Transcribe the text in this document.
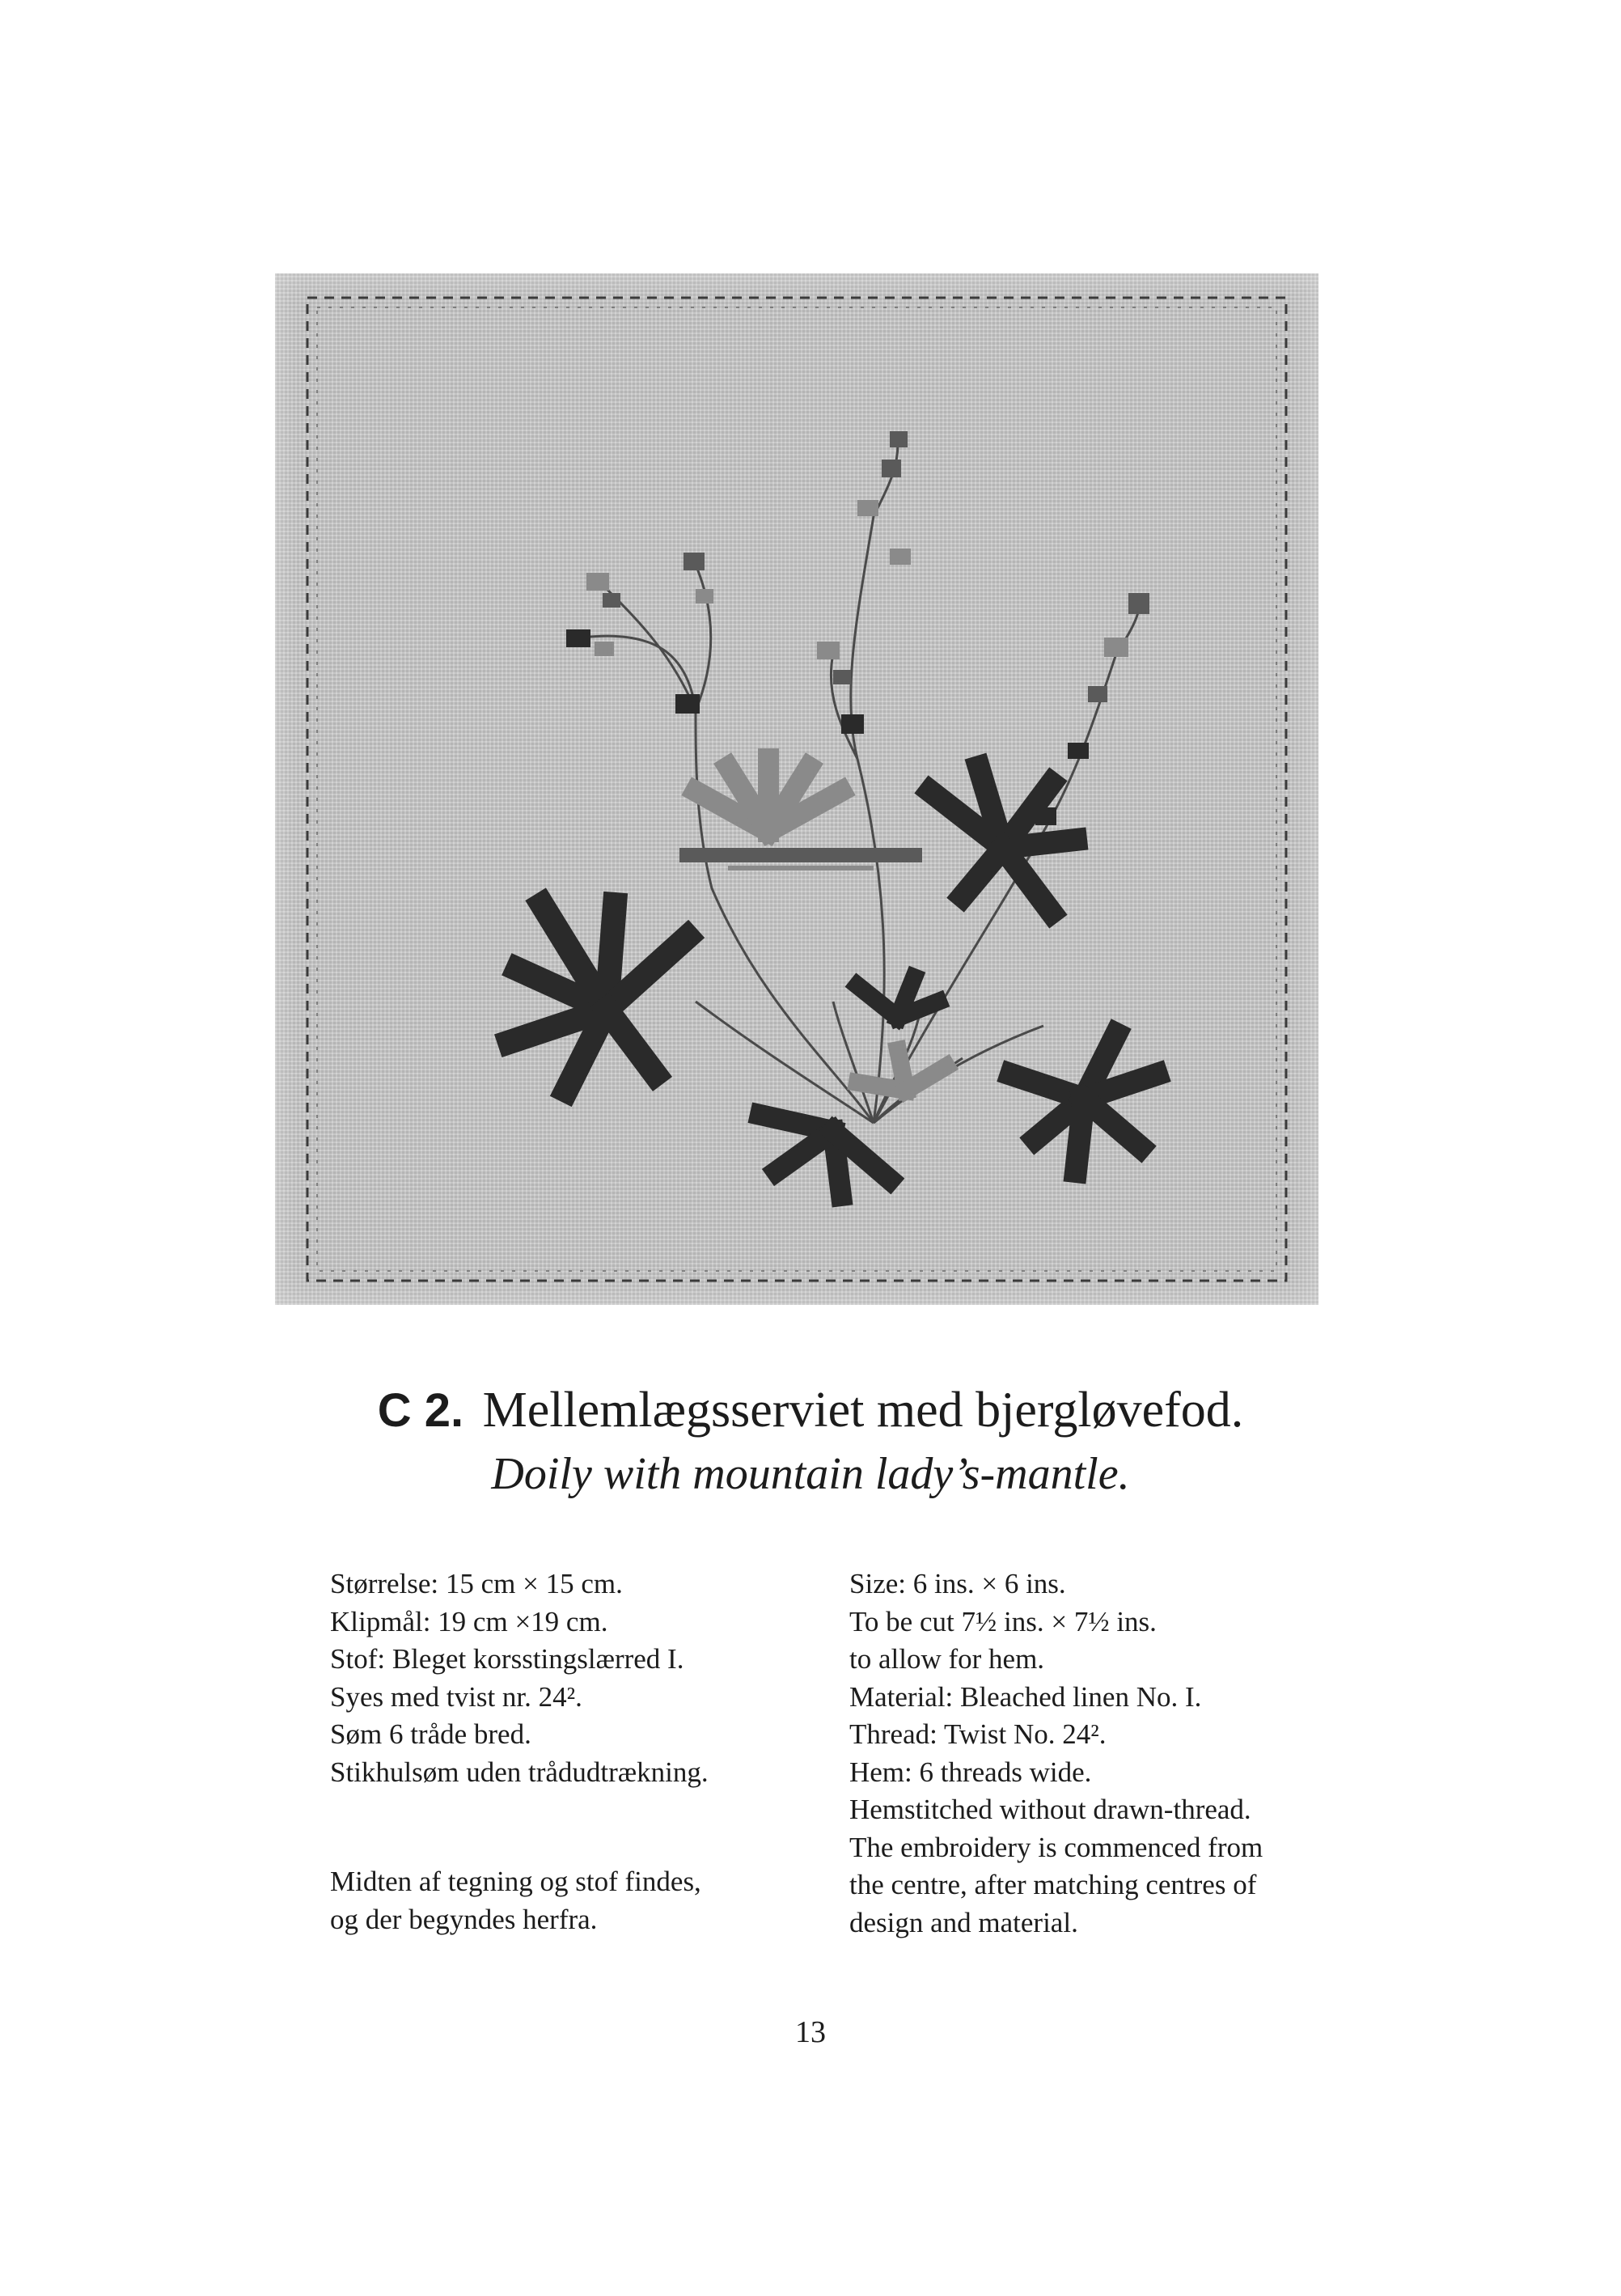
C 2. Mellemlægsserviet med bjergløvefod.
Doily with mountain lady’s-mantle.
Størrelse: 15 cm × 15 cm.
Klipmål: 19 cm ×19 cm.
Stof: Bleget korsstingslærred I.
Syes med tvist nr. 24².
Søm 6 tråde bred.
Stikhulsøm uden trådudtrækning.
Midten af tegning og stof findes,
og der begyndes herfra.
Size: 6 ins. × 6 ins.
To be cut 7½ ins. × 7½ ins.
to allow for hem.
Material: Bleached linen No. I.
Thread: Twist No. 24².
Hem: 6 threads wide.
Hemstitched without drawn-thread.
The embroidery is commenced from
the centre, after matching centres of
design and material.
13
